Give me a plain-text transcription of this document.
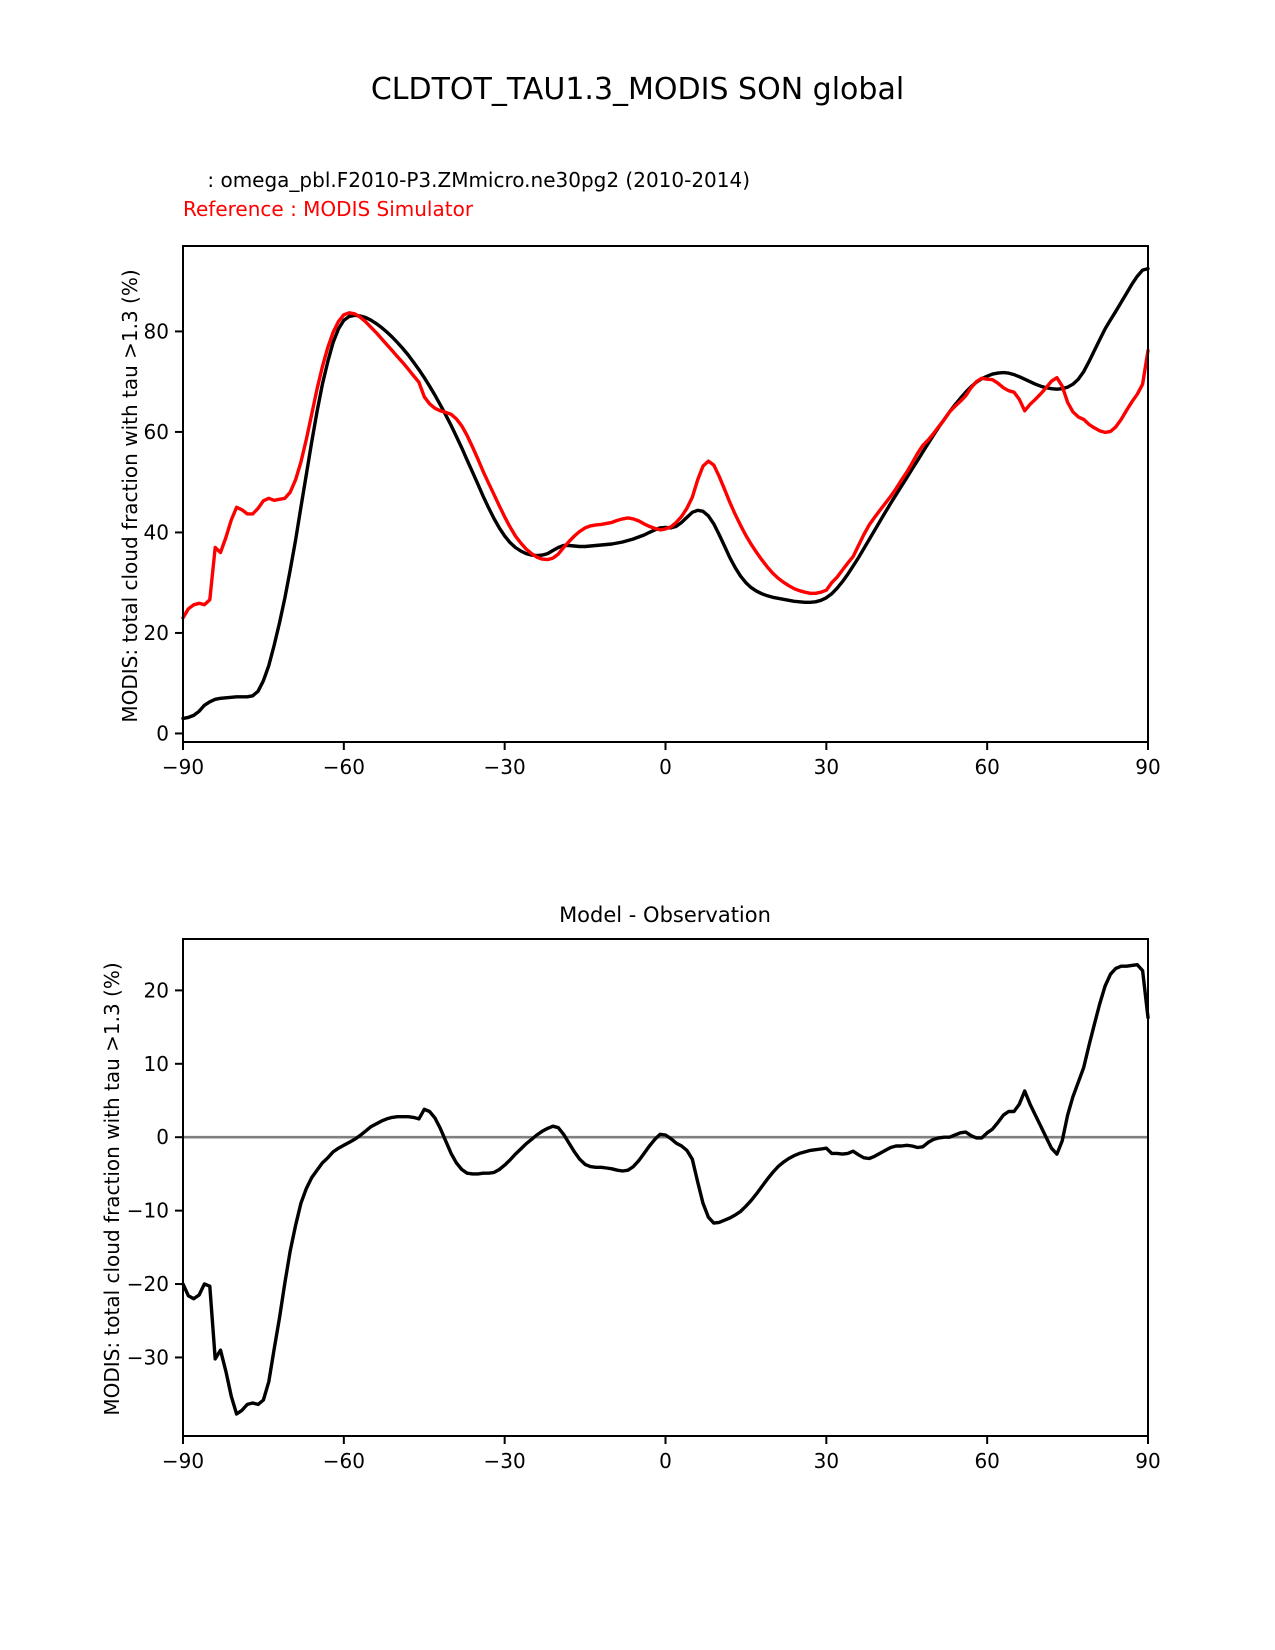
CLDTOT_TAU1.3_MODIS SON global
: omega_pbl.F2010-P3.ZMmicro.ne30pg2 (2010-2014)
Reference : MODIS Simulator
MODIS: total cloud fraction with tau >1.3 (%)
Model - Observation
MODIS: total cloud fraction with tau >1.3 (%)
−90	−60	−30	0	30	60	90
0
20
40
60
80
−90	−60	−30	0	30	60	90
−30
−20
−10
0
10
20
